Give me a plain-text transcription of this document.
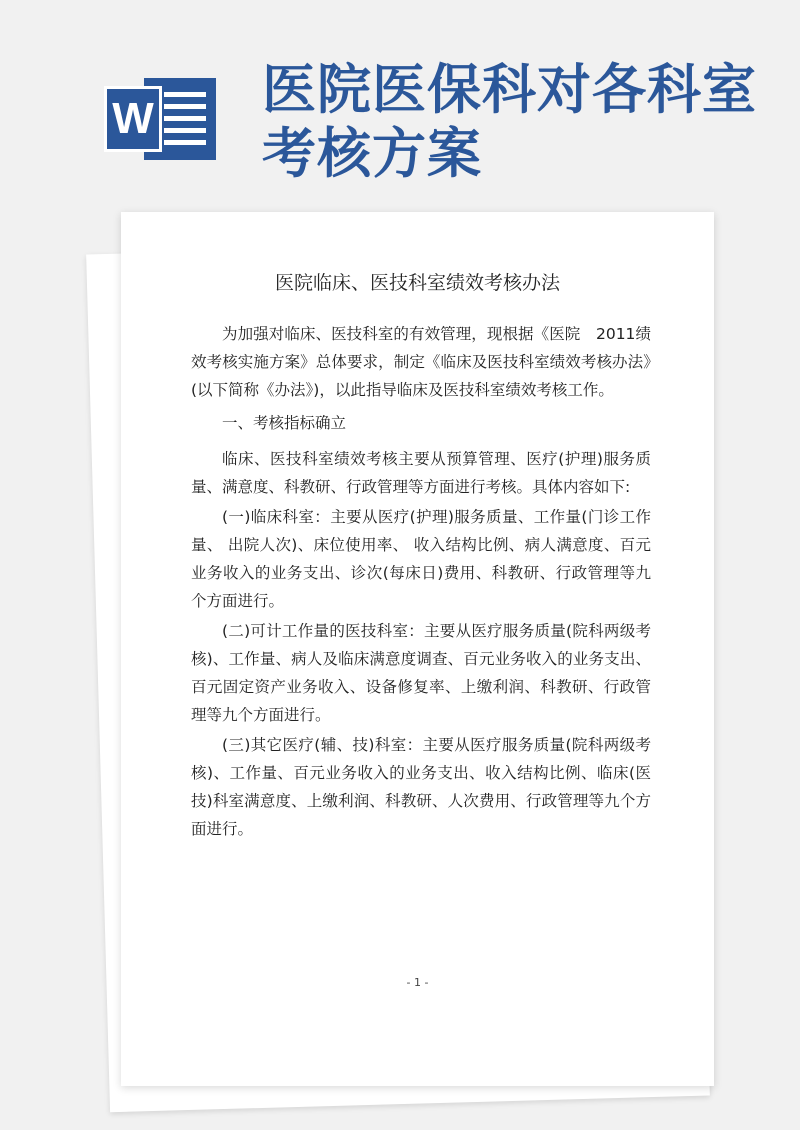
W 医院医保科对各科室考核方案
医院临床、医技科室绩效考核办法

为加强对临床、医技科室的有效管理，现根据《医院　2011绩效考核实施方案》总体要求，制定《临床及医技科室绩效考核办法》(以下简称《办法》)，以此指导临床及医技科室绩效考核工作。

一、考核指标确立

临床、医技科室绩效考核主要从预算管理、医疗(护理)服务质量、满意度、科教研、行政管理等方面进行考核。具体内容如下:

(一)临床科室：主要从医疗(护理)服务质量、工作量(门诊工作量、 出院人次)、床位使用率、 收入结构比例、病人满意度、百元业务收入的业务支出、诊次(每床日)费用、科教研、行政管理等九个方面进行。

(二)可计工作量的医技科室：主要从医疗服务质量(院科两级考核)、工作量、病人及临床满意度调查、百元业务收入的业务支出、百元固定资产业务收入、设备修复率、上缴利润、科教研、行政管理等九个方面进行。

(三)其它医疗(辅、技)科室：主要从医疗服务质量(院科两级考核)、工作量、百元业务收入的业务支出、收入结构比例、临床(医技)科室满意度、上缴利润、科教研、人次费用、行政管理等九个方面进行。

- 1 -
